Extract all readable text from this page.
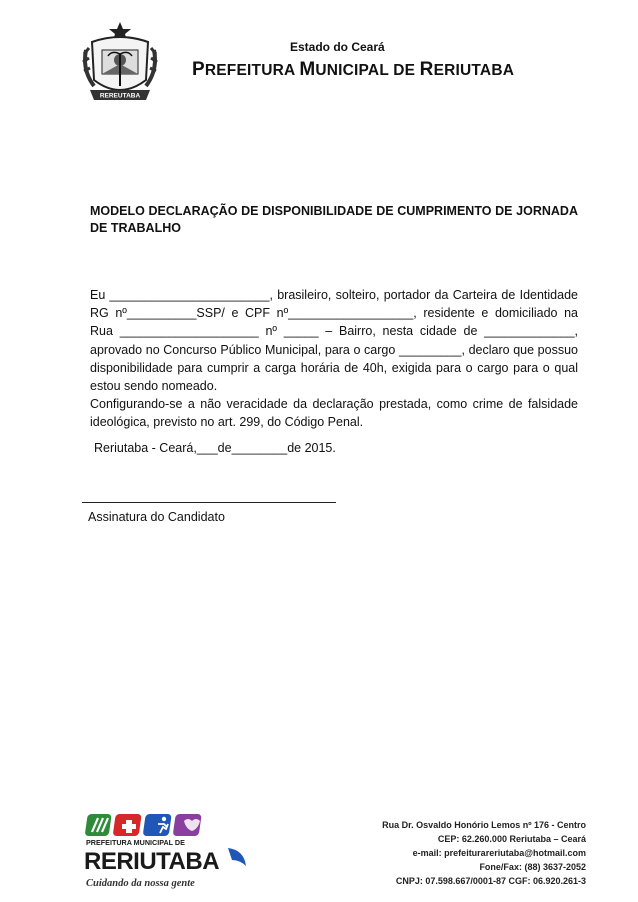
REREUTABA
Estado do Ceará
PREFEITURA MUNICIPAL DE RERIUTABA
MODELO DECLARAÇÃO DE DISPONIBILIDADE DE CUMPRIMENTO DE JORNADA DE TRABALHO

Eu _______________________, brasileiro, solteiro, portador da Carteira de Identidade RG nº__________SSP/ e CPF nº__________________, residente e domiciliado na Rua ____________________ nº _____ – Bairro, nesta cidade de _____________, aprovado no Concurso Público Municipal, para o cargo _________, declaro que possuo disponibilidade para cumprir a carga horária de 40h, exigida para o cargo para o qual estou sendo nomeado.

Configurando-se a não veracidade da declaração prestada, como crime de falsidade ideológica, previsto no art. 299, do Código Penal.

Reriutaba - Ceará,___de________de 2015.
Assinatura do Candidato
PREFEITURA MUNICIPAL DE
RERIUTABA
Cuidando da nossa gente
Rua Dr. Osvaldo Honório Lemos nº 176 - Centro
CEP: 62.260.000 Reriutaba – Ceará
e-mail: prefeiturareriutaba@hotmail.com
Fone/Fax: (88) 3637-2052
CNPJ: 07.598.667/0001-87 CGF: 06.920.261-3
